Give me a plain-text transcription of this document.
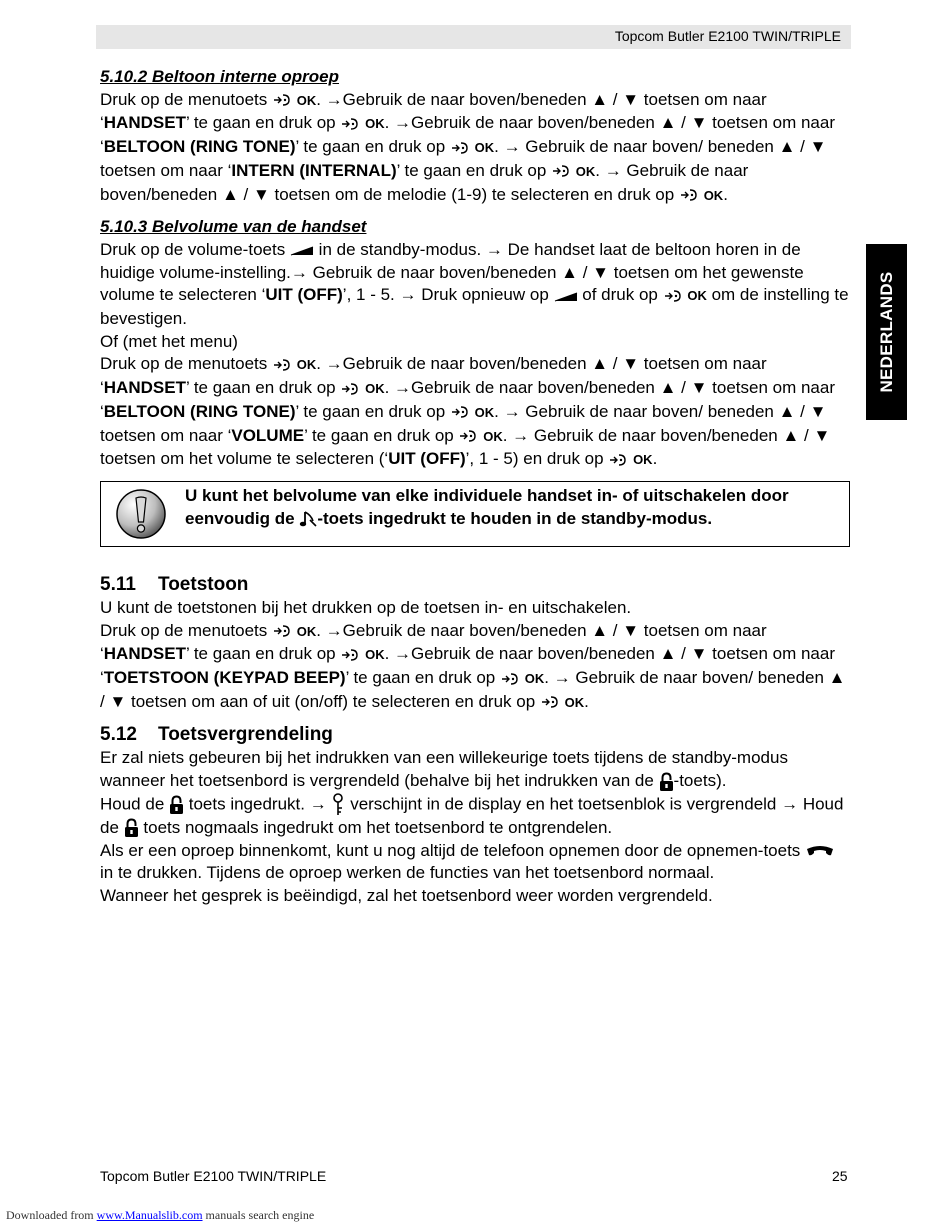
Topcom Butler E2100 TWIN/TRIPLE
NEDERLANDS

5.10.2 Beltoon interne oproep

Druk op de menutoets OK. →Gebruik de naar boven/beneden ▲ / ▼ toetsen om naar ‘HANDSET’ te gaan en druk op OK. →Gebruik de naar boven/beneden ▲ / ▼ toetsen om naar ‘BELTOON (RING TONE)’ te gaan en druk op OK. → Gebruik de naar boven/ beneden ▲ / ▼ toetsen om naar ‘INTERN (INTERNAL)’ te gaan en druk op OK. → Gebruik de naar boven/beneden ▲ / ▼ toetsen om de melodie (1-9) te selecteren en druk op OK.

5.10.3 Belvolume van de handset

Druk op de volume-toets in de standby-modus. → De handset laat de beltoon horen in de huidige volume-instelling.→ Gebruik de naar boven/beneden ▲ / ▼ toetsen om het gewenste volume te selecteren ‘UIT (OFF)’, 1 - 5. → Druk opnieuw op of druk op OK om de instelling te bevestigen.

Of (met het menu)

Druk op de menutoets OK. →Gebruik de naar boven/beneden ▲ / ▼ toetsen om naar ‘HANDSET’ te gaan en druk op OK. →Gebruik de naar boven/beneden ▲ / ▼ toetsen om naar ‘BELTOON (RING TONE)’ te gaan en druk op OK. → Gebruik de naar boven/ beneden ▲ / ▼ toetsen om naar ‘VOLUME’ te gaan en druk op OK. → Gebruik de naar boven/beneden ▲ / ▼ toetsen om het volume te selecteren (‘UIT (OFF)’, 1 - 5) en druk op OK.

U kunt het belvolume van elke individuele handset in- of uitschakelen door eenvoudig de -toets ingedrukt te houden in de standby-modus.

5.11 Toetstoon

U kunt de toetstonen bij het drukken op de toetsen in- en uitschakelen.

Druk op de menutoets OK. →Gebruik de naar boven/beneden ▲ / ▼ toetsen om naar ‘HANDSET’ te gaan en druk op OK. →Gebruik de naar boven/beneden ▲ / ▼ toetsen om naar ‘TOETSTOON (KEYPAD BEEP)’ te gaan en druk op OK. → Gebruik de naar boven/ beneden ▲ / ▼ toetsen om aan of uit (on/off) te selecteren en druk op OK.

5.12 Toetsvergrendeling

Er zal niets gebeuren bij het indrukken van een willekeurige toets tijdens de standby-modus wanneer het toetsenbord is vergrendeld (behalve bij het indrukken van de -toets).

Houd de toets ingedrukt. → verschijnt in de display en het toetsenblok is vergrendeld → Houd de toets nogmaals ingedrukt om het toetsenbord te ontgrendelen.

Als er een oproep binnenkomt, kunt u nog altijd de telefoon opnemen door de opnemen-toets
in te drukken. Tijdens de oproep werken de functies van het toetsenbord normaal.

Wanneer het gesprek is beëindigd, zal het toetsenbord weer worden vergrendeld.

Topcom Butler E2100 TWIN/TRIPLE	25
Downloaded from www.Manualslib.com manuals search engine
